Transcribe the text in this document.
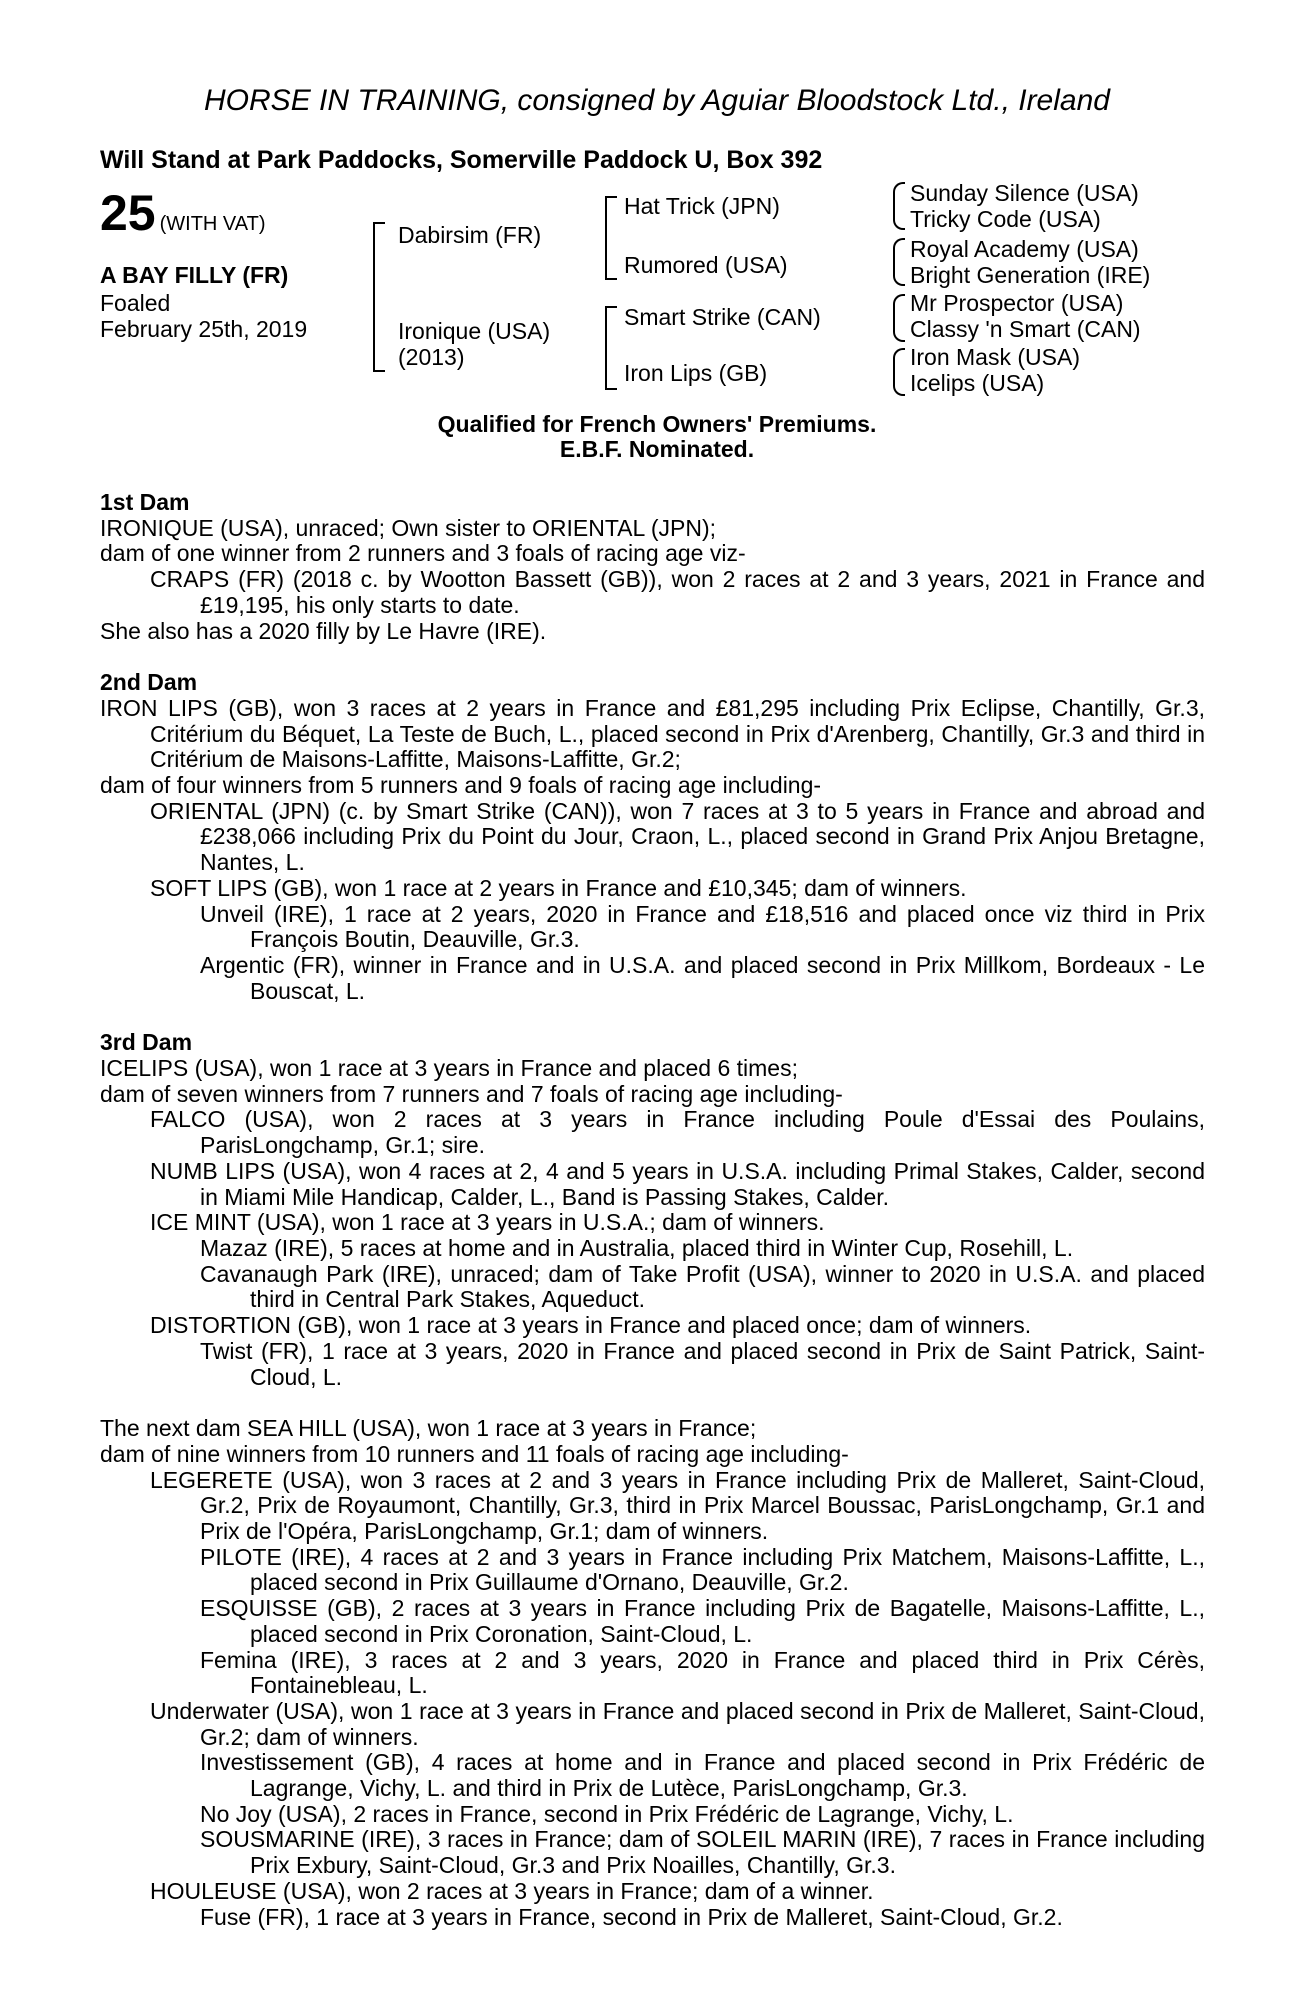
HORSE IN TRAINING, consigned by Aguiar Bloodstock Ltd., Ireland
Will Stand at Park Paddocks, Somerville Paddock U, Box 392
25 (WITH VAT)
A BAY FILLY (FR)
Foaled
February 25th, 2019
Dabirsim (FR)
Ironique (USA)
(2013)
Hat Trick (JPN)
Rumored (USA)
Smart Strike (CAN)
Iron Lips (GB)
Sunday Silence (USA)
Tricky Code (USA)
Royal Academy (USA)
Bright Generation (IRE)
Mr Prospector (USA)
Classy 'n Smart (CAN)
Iron Mask (USA)
Icelips (USA)
Qualified for French Owners' Premiums.
E.B.F. Nominated.

1st Dam

IRONIQUE (USA), unraced; Own sister to ORIENTAL (JPN);

dam of one winner from 2 runners and 3 foals of racing age viz-

CRAPS (FR) (2018 c. by Wootton Bassett (GB)), won 2 races at 2 and 3 years, 2021 in France and £19,195, his only starts to date.

She also has a 2020 filly by Le Havre (IRE).

2nd Dam

IRON LIPS (GB), won 3 races at 2 years in France and £81,295 including Prix Eclipse, Chantilly, Gr.3, Critérium du Béquet, La Teste de Buch, L., placed second in Prix d'Arenberg, Chantilly, Gr.3 and third in Critérium de Maisons-Laffitte, Maisons-Laffitte, Gr.2;

dam of four winners from 5 runners and 9 foals of racing age including-

ORIENTAL (JPN) (c. by Smart Strike (CAN)), won 7 races at 3 to 5 years in France and abroad and £238,066 including Prix du Point du Jour, Craon, L., placed second in Grand Prix Anjou Bretagne, Nantes, L.

SOFT LIPS (GB), won 1 race at 2 years in France and £10,345; dam of winners.

Unveil (IRE), 1 race at 2 years, 2020 in France and £18,516 and placed once viz third in Prix François Boutin, Deauville, Gr.3.

Argentic (FR), winner in France and in U.S.A. and placed second in Prix Millkom, Bordeaux - Le Bouscat, L.

3rd Dam

ICELIPS (USA), won 1 race at 3 years in France and placed 6 times;

dam of seven winners from 7 runners and 7 foals of racing age including-

FALCO (USA), won 2 races at 3 years in France including Poule d'Essai des Poulains, ParisLongchamp, Gr.1; sire.

NUMB LIPS (USA), won 4 races at 2, 4 and 5 years in U.S.A. including Primal Stakes, Calder, second in Miami Mile Handicap, Calder, L., Band is Passing Stakes, Calder.

ICE MINT (USA), won 1 race at 3 years in U.S.A.; dam of winners.

Mazaz (IRE), 5 races at home and in Australia, placed third in Winter Cup, Rosehill, L.

Cavanaugh Park (IRE), unraced; dam of Take Profit (USA), winner to 2020 in U.S.A. and placed third in Central Park Stakes, Aqueduct.

DISTORTION (GB), won 1 race at 3 years in France and placed once; dam of winners.

Twist (FR), 1 race at 3 years, 2020 in France and placed second in Prix de Saint Patrick, Saint-Cloud, L.

The next dam SEA HILL (USA), won 1 race at 3 years in France;

dam of nine winners from 10 runners and 11 foals of racing age including-

LEGERETE (USA), won 3 races at 2 and 3 years in France including Prix de Malleret, Saint-Cloud, Gr.2, Prix de Royaumont, Chantilly, Gr.3, third in Prix Marcel Boussac, ParisLongchamp, Gr.1 and Prix de l'Opéra, ParisLongchamp, Gr.1; dam of winners.

PILOTE (IRE), 4 races at 2 and 3 years in France including Prix Matchem, Maisons-Laffitte, L., placed second in Prix Guillaume d'Ornano, Deauville, Gr.2.

ESQUISSE (GB), 2 races at 3 years in France including Prix de Bagatelle, Maisons-Laffitte, L., placed second in Prix Coronation, Saint-Cloud, L.

Femina (IRE), 3 races at 2 and 3 years, 2020 in France and placed third in Prix Cérès, Fontainebleau, L.

Underwater (USA), won 1 race at 3 years in France and placed second in Prix de Malleret, Saint-Cloud, Gr.2; dam of winners.

Investissement (GB), 4 races at home and in France and placed second in Prix Frédéric de Lagrange, Vichy, L. and third in Prix de Lutèce, ParisLongchamp, Gr.3.

No Joy (USA), 2 races in France, second in Prix Frédéric de Lagrange, Vichy, L.

SOUSMARINE (IRE), 3 races in France; dam of SOLEIL MARIN (IRE), 7 races in France including Prix Exbury, Saint-Cloud, Gr.3 and Prix Noailles, Chantilly, Gr.3.

HOULEUSE (USA), won 2 races at 3 years in France; dam of a winner.

Fuse (FR), 1 race at 3 years in France, second in Prix de Malleret, Saint-Cloud, Gr.2.
